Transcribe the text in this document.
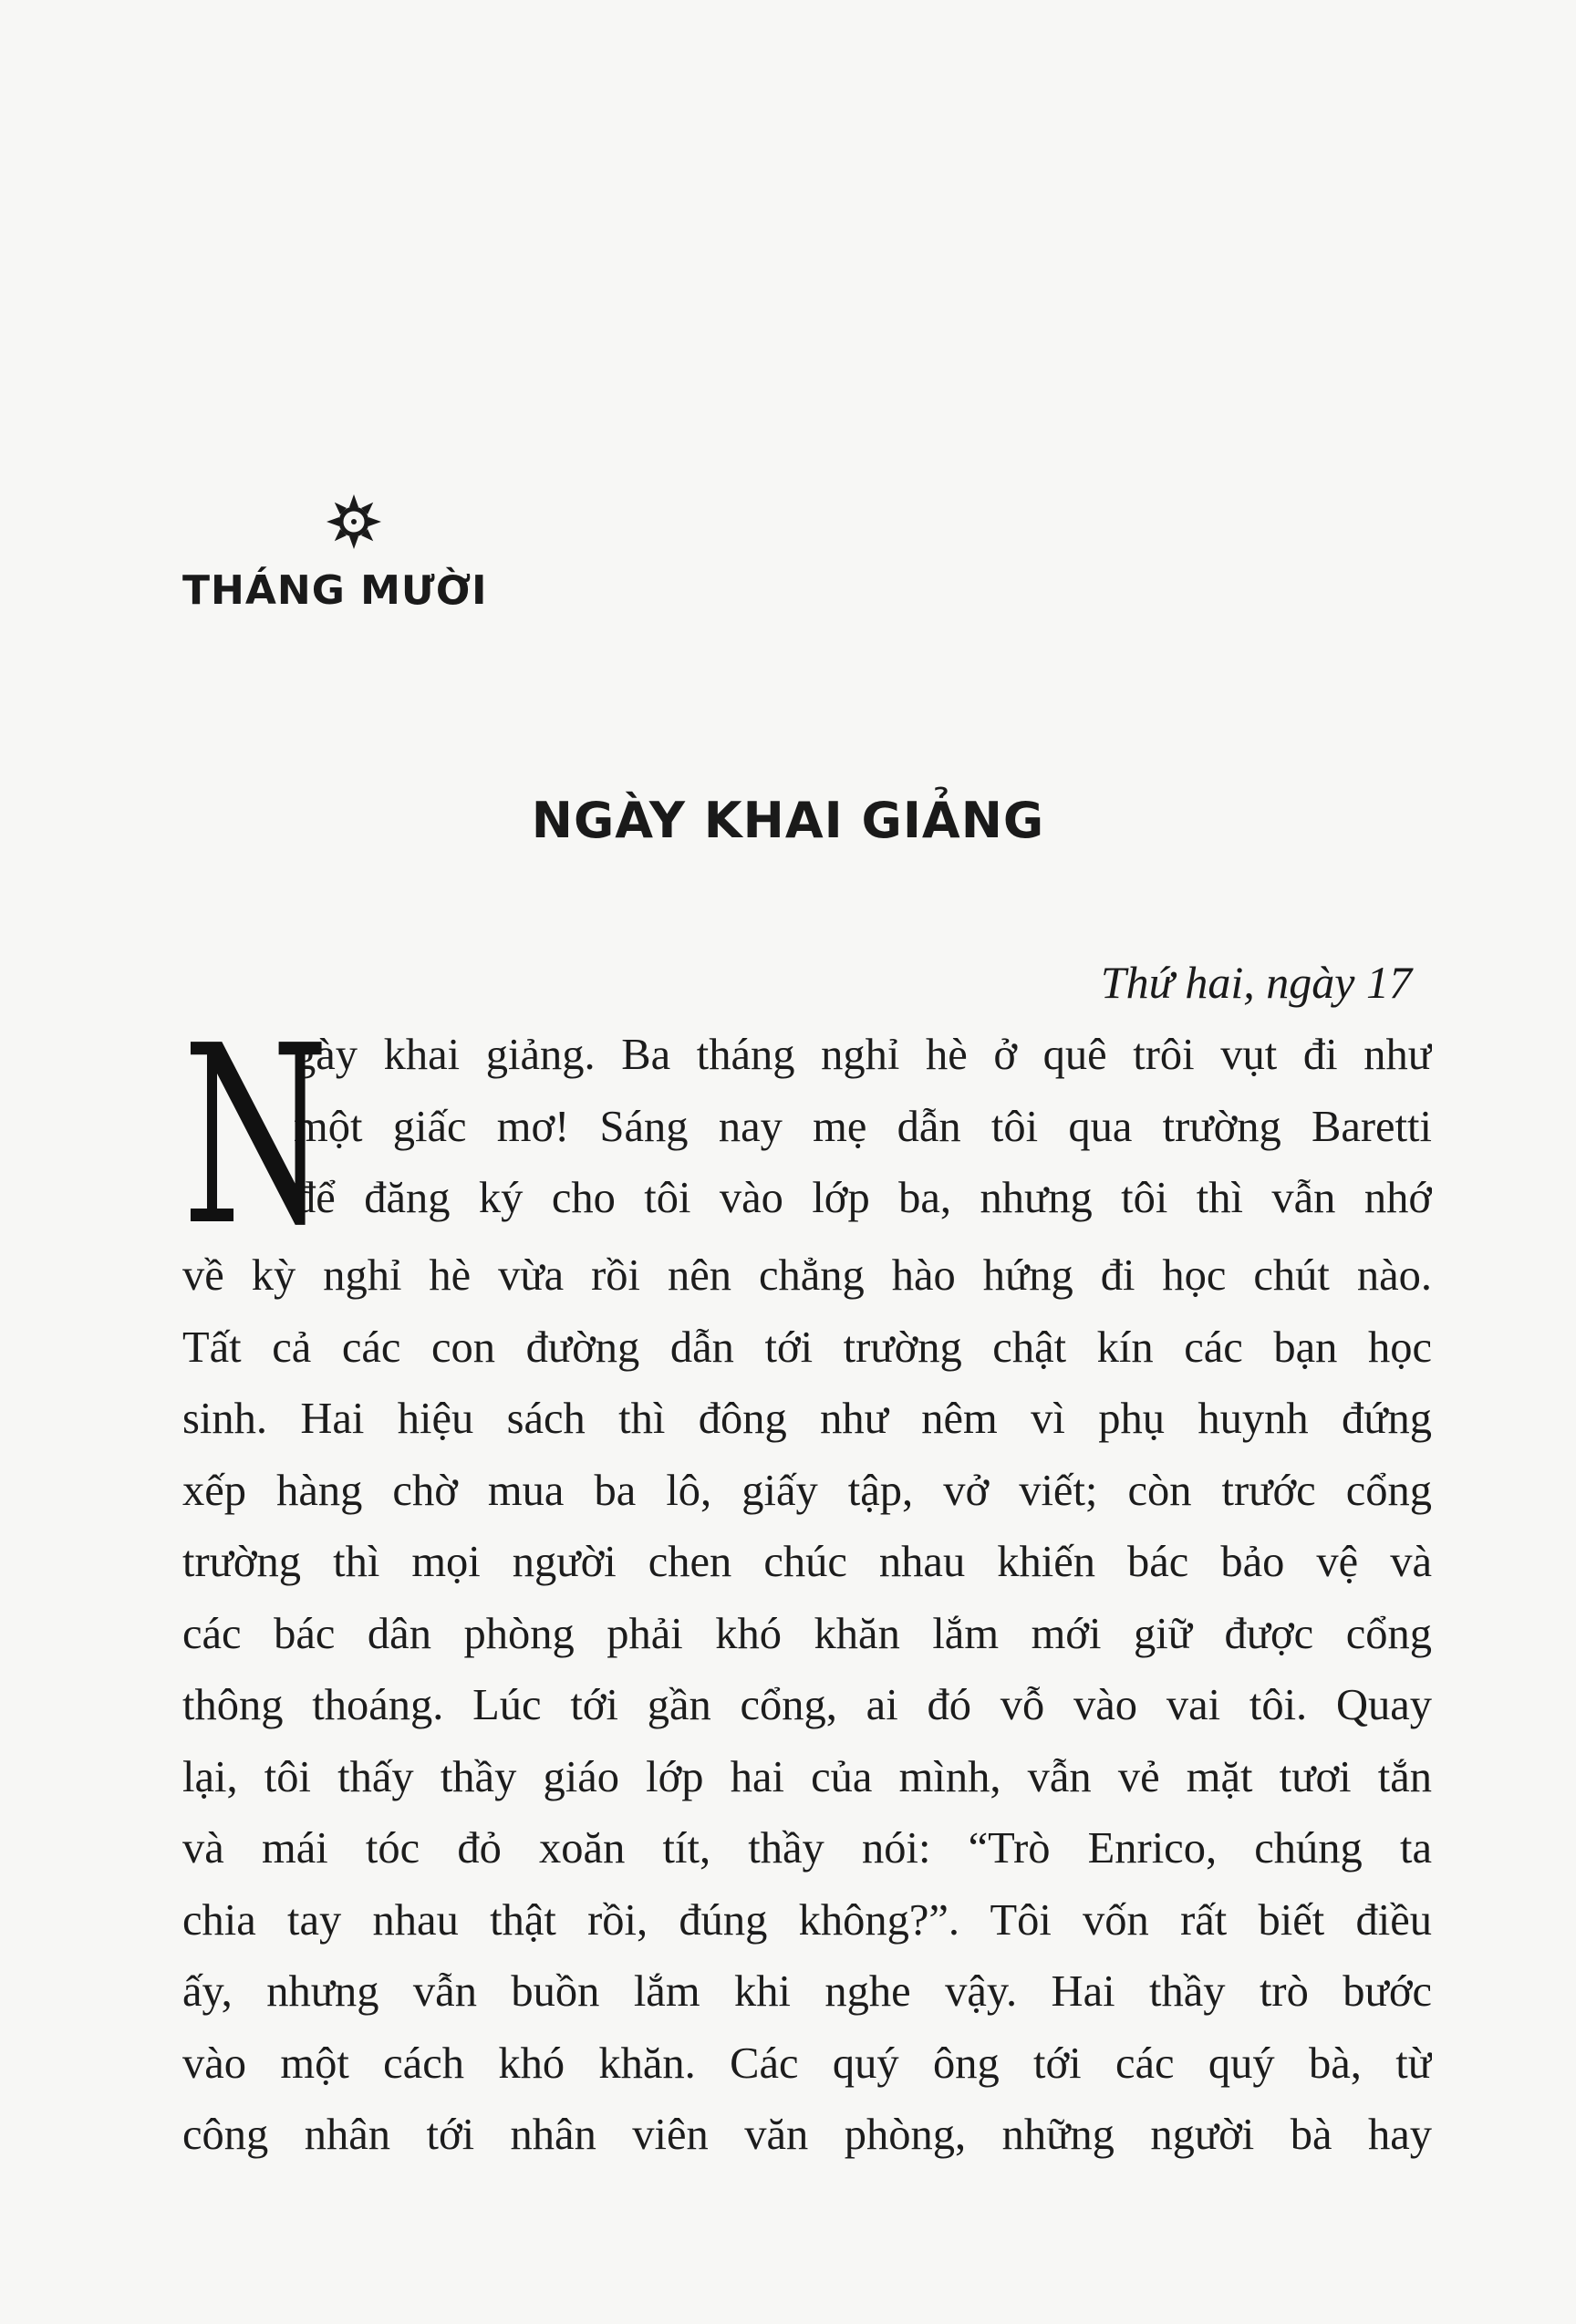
THÁNG MƯỜI
NGÀY KHAI GIẢNG

Thứ hai, ngày 17

N
gày khai giảng. Ba tháng nghỉ hè ở quê trôi vụt đi như
một giấc mơ! Sáng nay mẹ dẫn tôi qua trường Baretti
để đăng ký cho tôi vào lớp ba, nhưng tôi thì vẫn nhớ
về kỳ nghỉ hè vừa rồi nên chẳng hào hứng đi học chút nào.
Tất cả các con đường dẫn tới trường chật kín các bạn học
sinh. Hai hiệu sách thì đông như nêm vì phụ huynh đứng
xếp hàng chờ mua ba lô, giấy tập, vở viết; còn trước cổng
trường thì mọi người chen chúc nhau khiến bác bảo vệ và
các bác dân phòng phải khó khăn lắm mới giữ được cổng
thông thoáng. Lúc tới gần cổng, ai đó vỗ vào vai tôi. Quay
lại, tôi thấy thầy giáo lớp hai của mình, vẫn vẻ mặt tươi tắn
và mái tóc đỏ xoăn tít, thầy nói: “Trò Enrico, chúng ta
chia tay nhau thật rồi, đúng không?”. Tôi vốn rất biết điều
ấy, nhưng vẫn buồn lắm khi nghe vậy. Hai thầy trò bước
vào một cách khó khăn. Các quý ông tới các quý bà, từ
công nhân tới nhân viên văn phòng, những người bà hay
